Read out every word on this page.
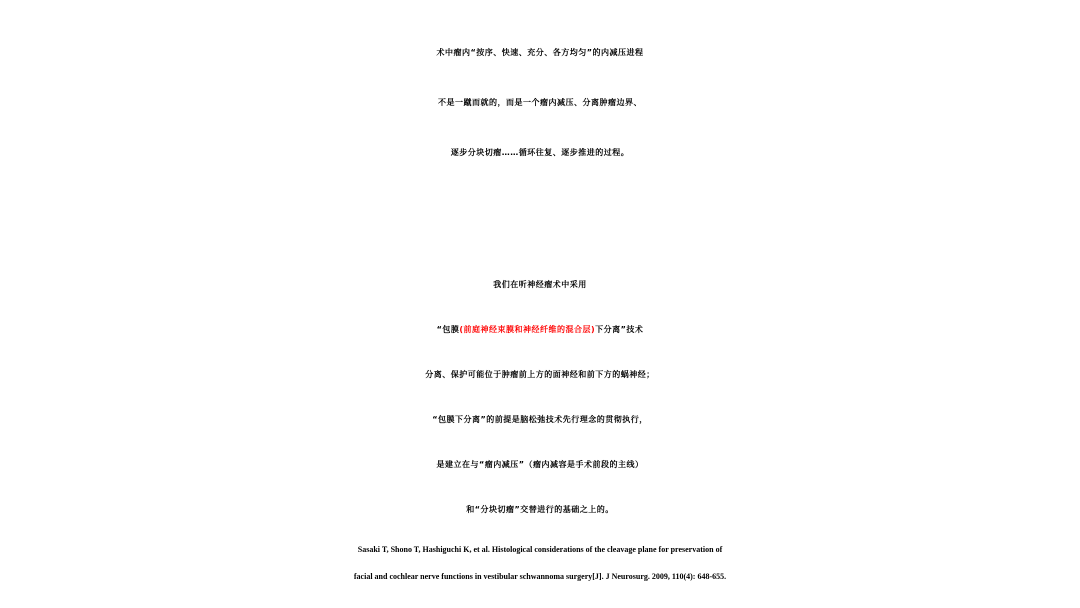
术中瘤内“按序、快速、充分、各方均匀”的内减压进程
不是一蹴而就的，而是一个瘤内减压、分离肿瘤边界、
逐步分块切瘤……循环往复、逐步推进的过程。
我们在听神经瘤术中采用
“包膜(前庭神经束膜和神经纤维的混合层)下分离”技术
分离、保护可能位于肿瘤前上方的面神经和前下方的蜗神经；
“包膜下分离”的前提是脑松弛技术先行理念的贯彻执行，
是建立在与“瘤内减压”（瘤内减容是手术前段的主线）
和“分块切瘤”交替进行的基础之上的。
Sasaki T, Shono T, Hashiguchi K, et al. Histological considerations of the cleavage plane for preservation of
facial and cochlear nerve functions in vestibular schwannoma surgery[J]. J Neurosurg. 2009, 110(4): 648-655.
